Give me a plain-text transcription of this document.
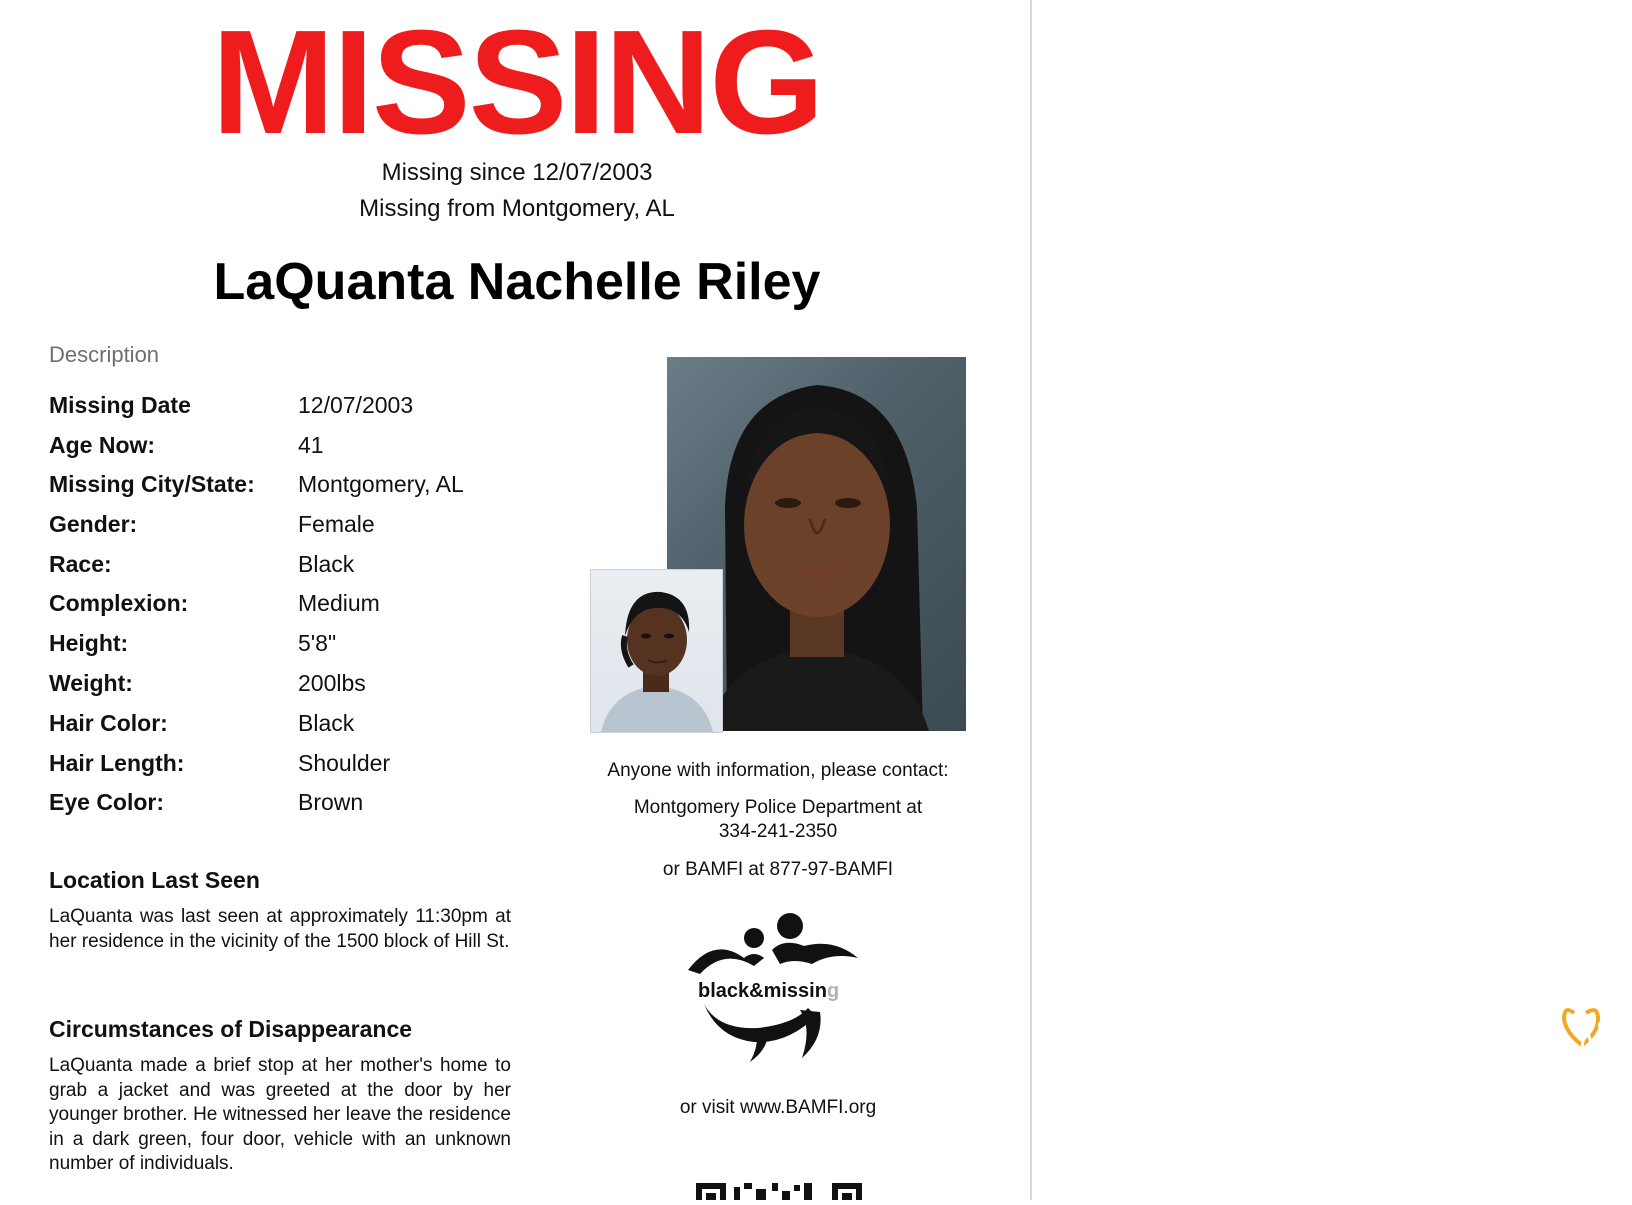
MISSING
Missing since 12/07/2003
Missing from Montgomery, AL
LaQuanta Nachelle Riley
Description
Missing Date	12/07/2003
Age Now:	41
Missing City/State: Montgomery, AL
Gender:	Female
Race:	Black
Complexion:	Medium
Height:	5'8"
Weight:	200lbs
Hair Color:	Black
Hair Length:	Shoulder
Eye Color:	Brown
Location Last Seen
LaQuanta was last seen at approximately 11:30pm at her residence in the vicinity of the 1500 block of Hill St.
Circumstances of Disappearance
LaQuanta made a brief stop at her mother's home to grab a jacket and was greeted at the door by her younger brother. He witnessed her leave the residence in a dark green, four door, vehicle with an unknown number of individuals.
NATIONAL CENTER FOR
MISSING &
EXPLOITED
CHILDREN
Anyone with information, please contact:
Montgomery Police Department at
334-241-2350
or BAMFI at 877-97-BAMFI
black&missing
or visit www.BAMFI.org
